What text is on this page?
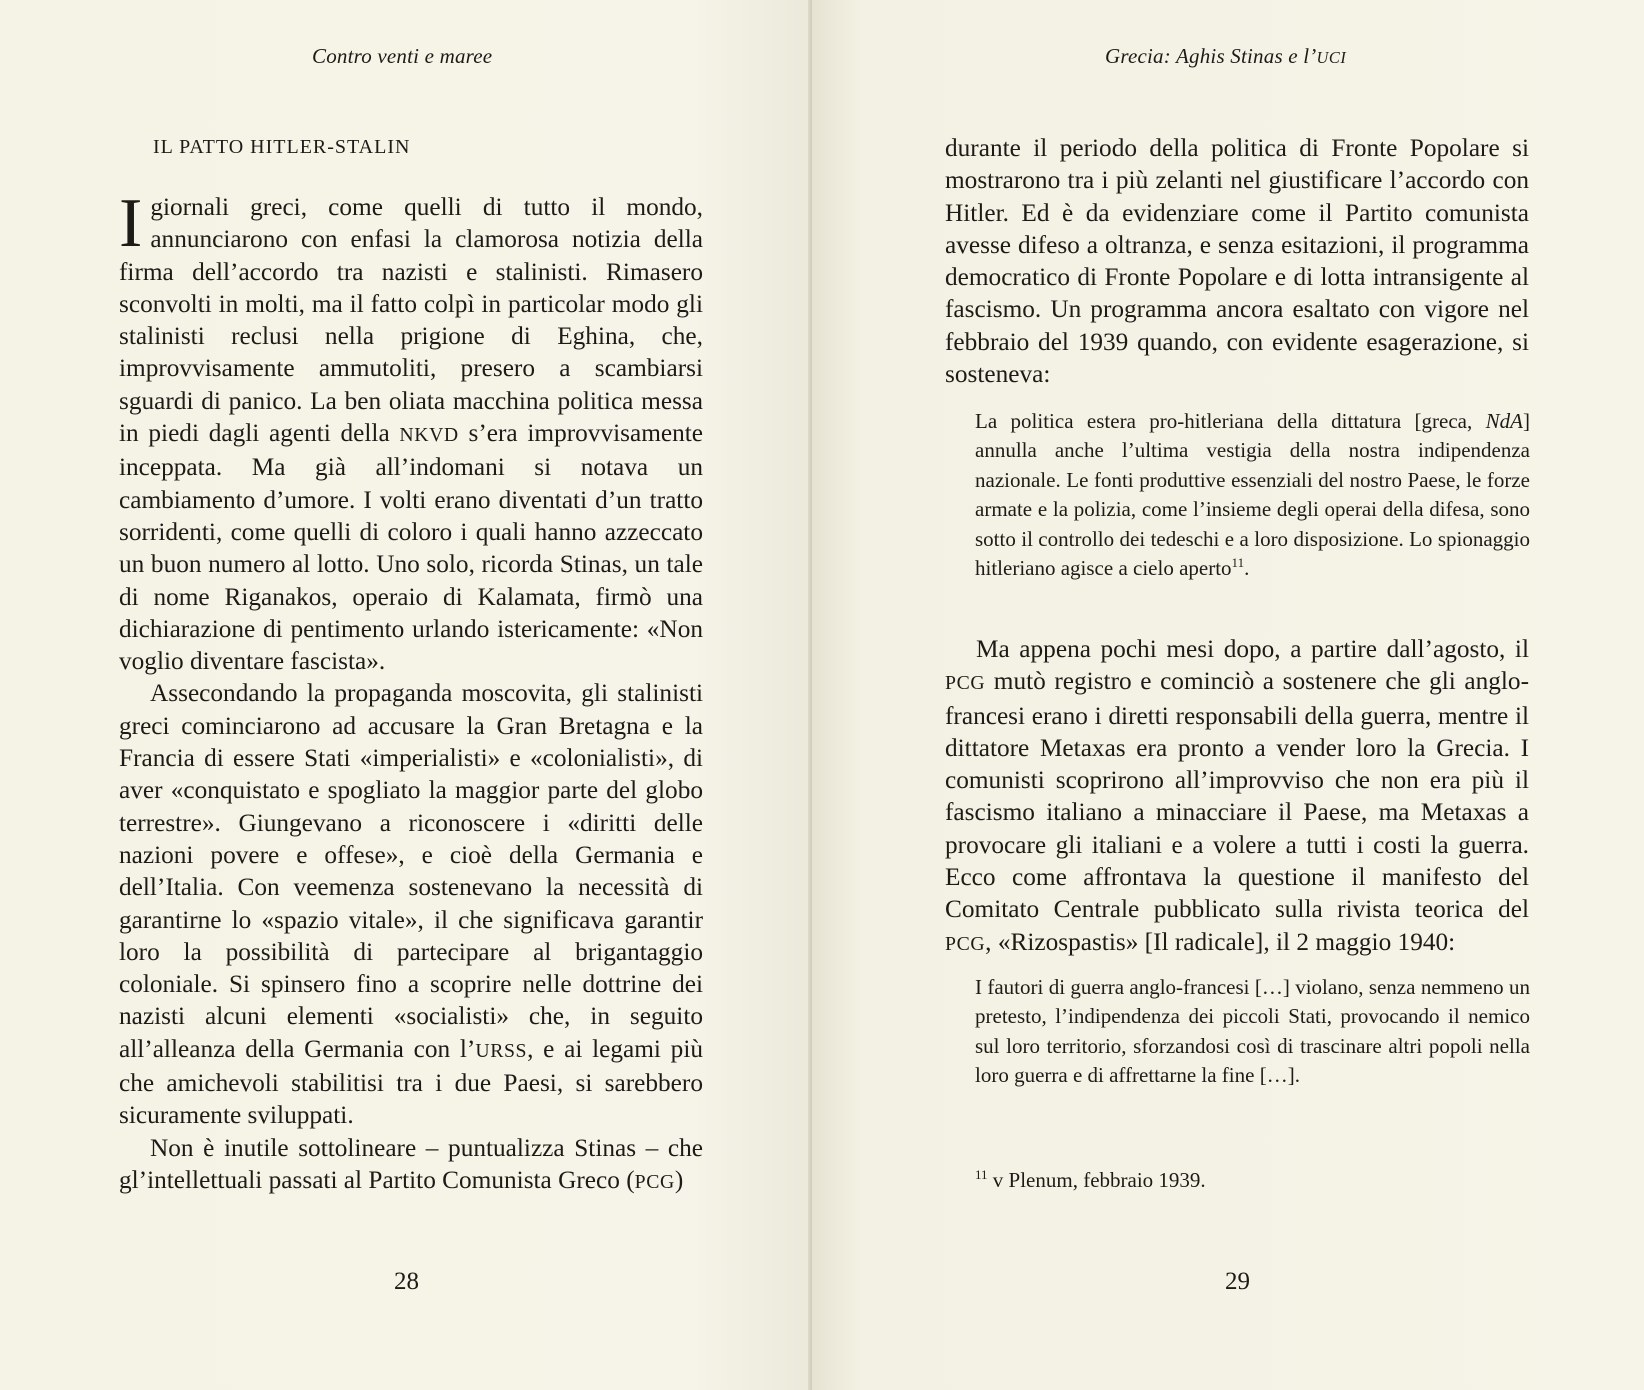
Contro venti e maree
IL PATTO HITLER-STALIN

Igiornali greci, come quelli di tutto il mondo, annunciarono con enfasi la clamorosa notizia della firma dell’accordo tra nazisti e stalinisti. Rimasero sconvolti in molti, ma il fatto colpì in particolar modo gli stalinisti reclusi nella prigione di Eghina, che, improvvisamente ammutoliti, presero a scambiarsi sguardi di panico. La ben oliata macchina politica messa in piedi dagli agenti della NKVD s’era improvvisamente inceppata. Ma già all’indomani si notava un cambiamento d’umore. I volti erano diventati d’un tratto sorridenti, come quelli di coloro i quali hanno azzeccato un buon numero al lotto. Uno solo, ricorda Stinas, un tale di nome Riganakos, operaio di Kalamata, firmò una dichiarazione di pentimento urlando istericamente: «Non voglio diventare fascista».

Assecondando la propaganda moscovita, gli stalinisti greci cominciarono ad accusare la Gran Bretagna e la Francia di essere Stati «imperialisti» e «colonialisti», di aver «conquistato e spogliato la maggior parte del globo terrestre». Giungevano a riconoscere i «diritti delle nazioni povere e offese», e cioè della Germania e dell’Italia. Con veemenza sostenevano la necessità di garantirne lo «spazio vitale», il che significava garantir loro la possibilità di partecipare al brigantaggio coloniale. Si spinsero fino a scoprire nelle dottrine dei nazisti alcuni elementi «socialisti» che, in seguito all’alleanza della Germania con l’URSS, e ai legami più che amichevoli stabilitisi tra i due Paesi, si sarebbero sicuramente sviluppati.

Non è inutile sottolineare – puntualizza Stinas – che gl’intellettuali passati al Partito Comunista Greco (PCG)

28
Grecia: Aghis Stinas e l’UCI

durante il periodo della politica di Fronte Popolare si mostrarono tra i più zelanti nel giustificare l’accordo con Hitler. Ed è da evidenziare come il Partito comunista avesse difeso a oltranza, e senza esitazioni, il programma democratico di Fronte Popolare e di lotta intransigente al fascismo. Un programma ancora esaltato con vigore nel febbraio del 1939 quando, con evidente esagerazione, si sosteneva:

La politica estera pro-hitleriana della dittatura [greca, NdA] annulla anche l’ultima vestigia della nostra indipendenza nazionale. Le fonti produttive essenziali del nostro Paese, le forze armate e la polizia, come l’insieme degli operai della difesa, sono sotto il controllo dei tedeschi e a loro disposizione. Lo spionaggio hitleriano agisce a cielo aperto$^{11}$.

Ma appena pochi mesi dopo, a partire dall’agosto, il PCG mutò registro e cominciò a sostenere che gli anglo-francesi erano i diretti responsabili della guerra, mentre il dittatore Metaxas era pronto a vender loro la Grecia. I comunisti scoprirono all’improvviso che non era più il fascismo italiano a minacciare il Paese, ma Metaxas a provocare gli italiani e a volere a tutti i costi la guerra. Ecco come affrontava la questione il manifesto del Comitato Centrale pubblicato sulla rivista teorica del PCG, «Rizospastis» [Il radicale], il 2 maggio 1940:

I fautori di guerra anglo-francesi […] violano, senza nemmeno un pretesto, l’indipendenza dei piccoli Stati, provocando il nemico sul loro territorio, sforzandosi così di trascinare altri popoli nella loro guerra e di affrettarne la fine […].
$^{11}$ v Plenum, febbraio 1939.
29
